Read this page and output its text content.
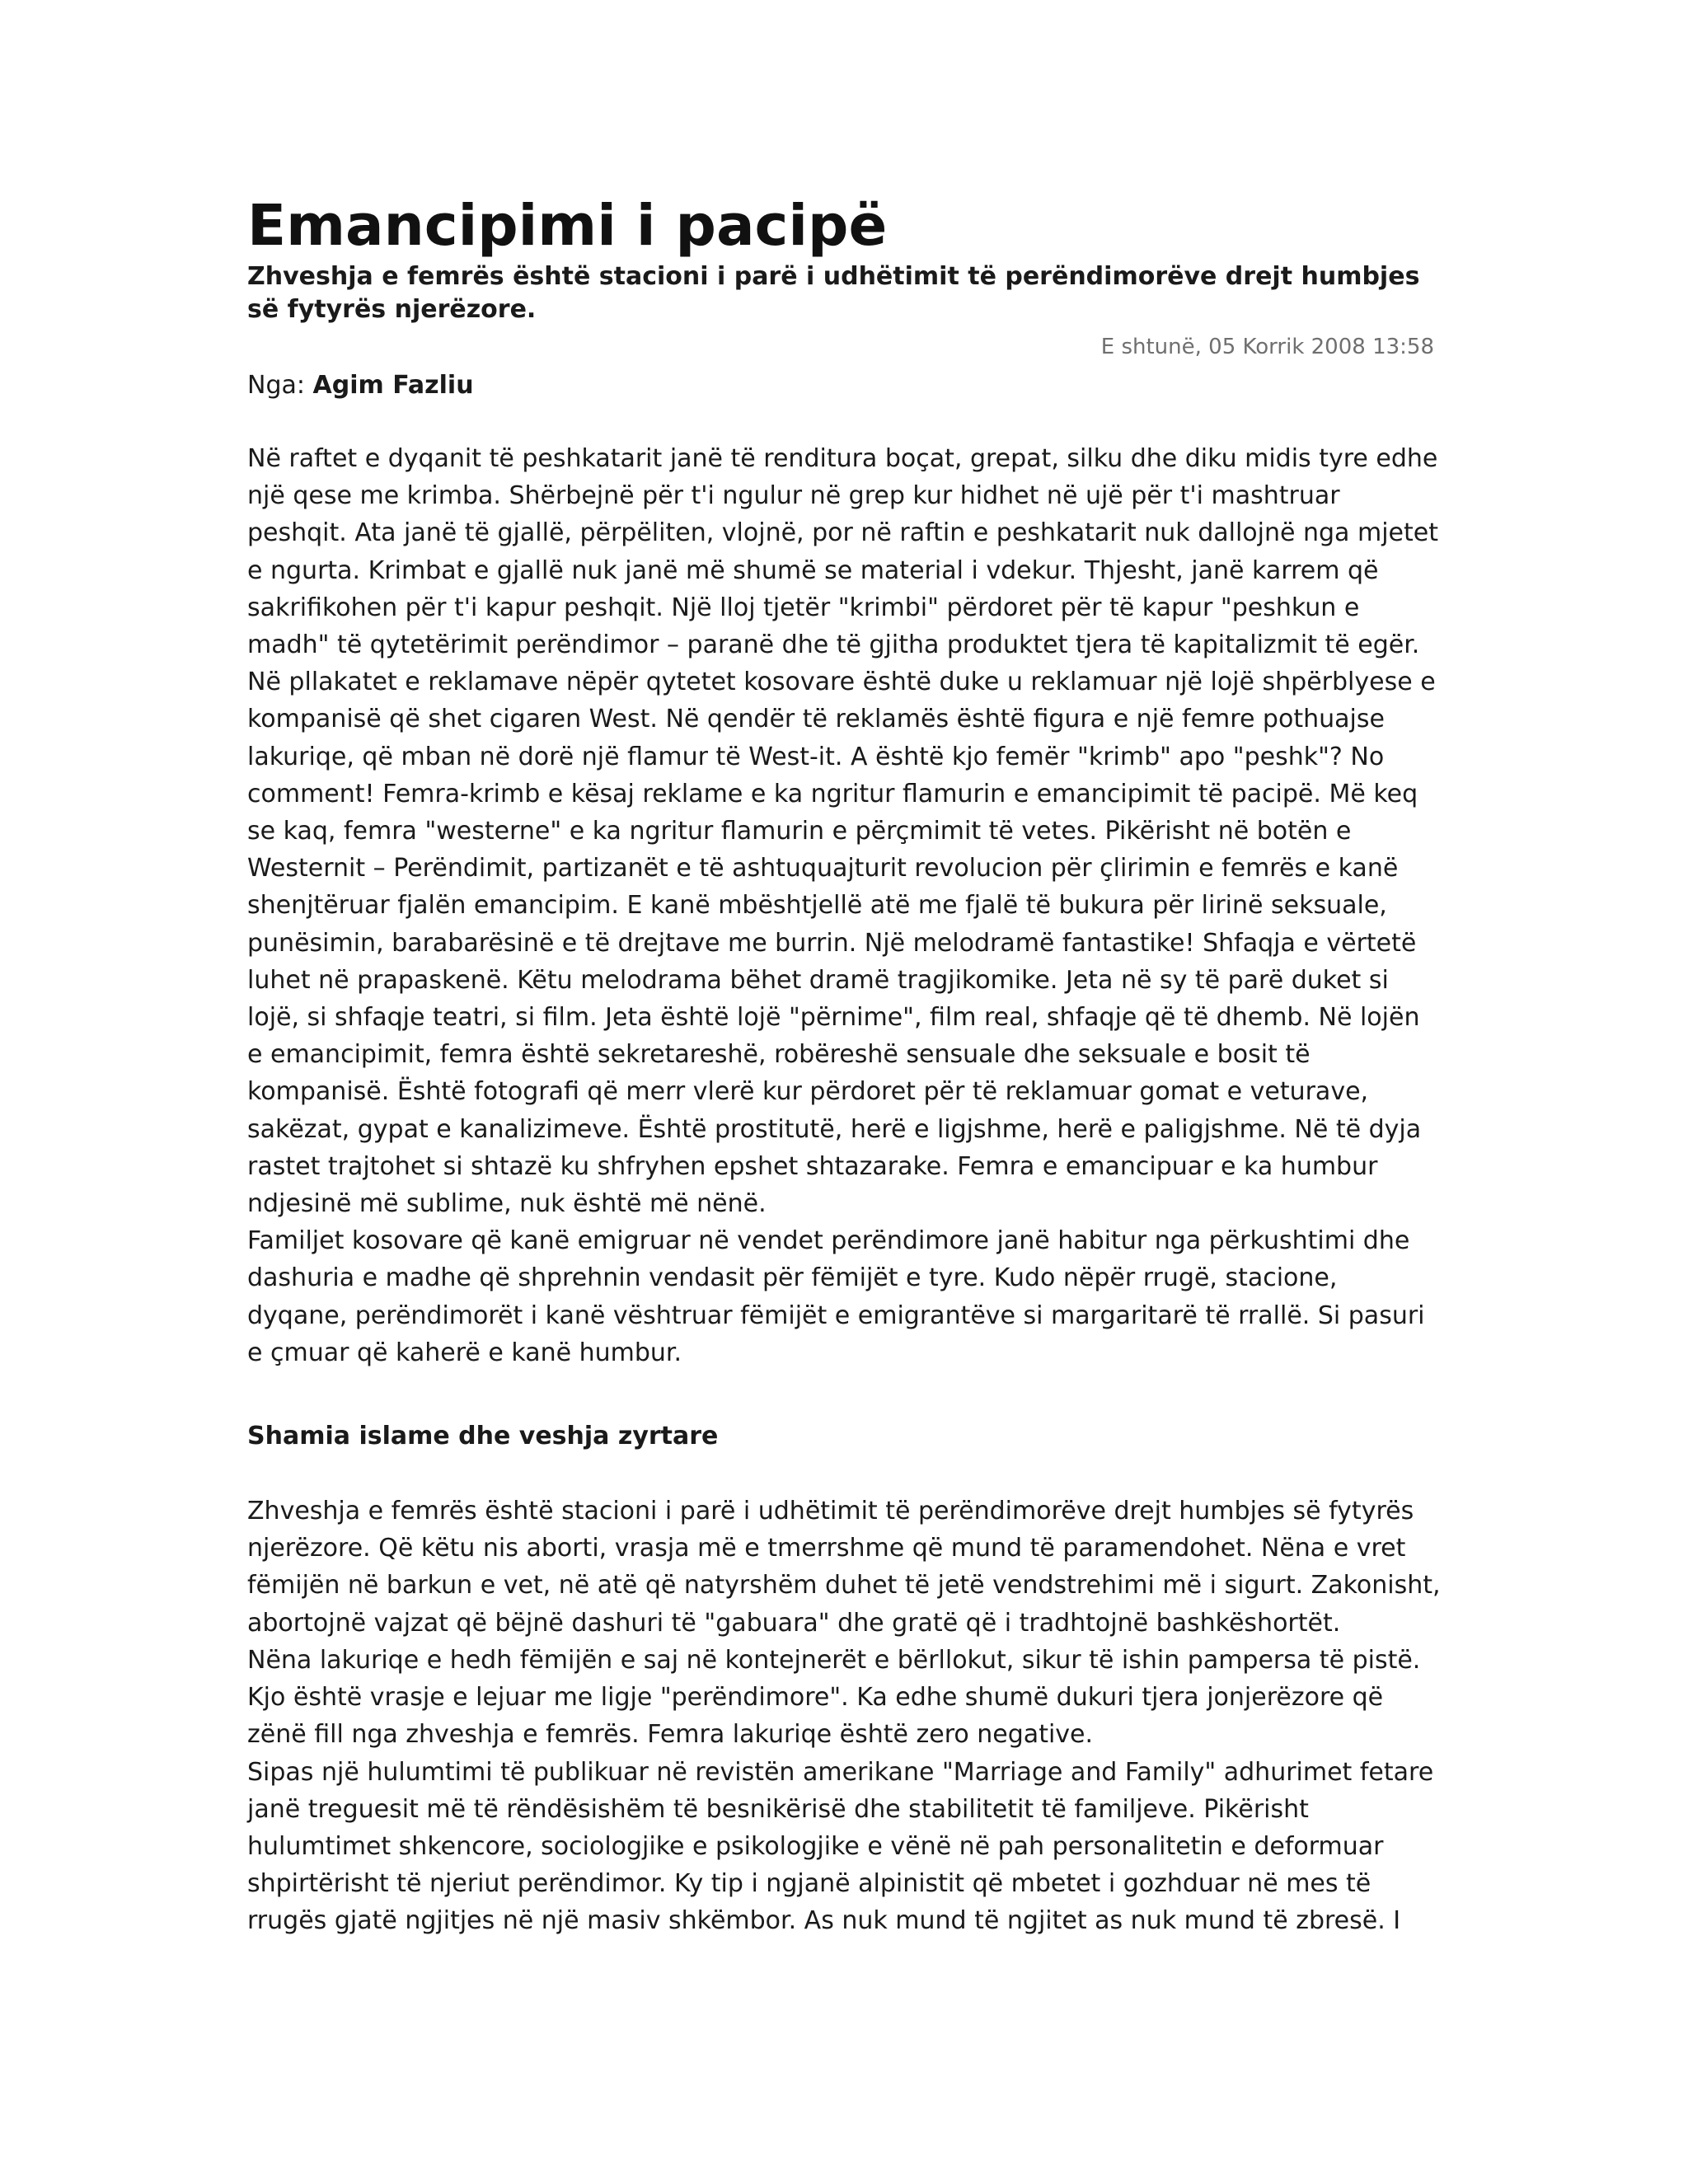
Emancipimi i pacipë

Zhveshja e femrës është stacioni i parë i udhëtimit të perëndimorëve drejt humbjes së fytyrës njerëzore.

E shtunë, 05 Korrik 2008 13:58
Nga: Agim Fazliu

Në raftet e dyqanit të peshkatarit janë të renditura boçat, grepat, silku dhe diku midis tyre edhe një qese me krimba. Shërbejnë për t'i ngulur në grep kur hidhet në ujë për t'i mashtruar peshqit. Ata janë të gjallë, përpëliten, vlojnë, por në raftin e peshkatarit nuk dallojnë nga mjetet e ngurta. Krimbat e gjallë nuk janë më shumë se material i vdekur. Thjesht, janë karrem që sakrifikohen për t'i kapur peshqit. Një lloj tjetër "krimbi" përdoret për të kapur "peshkun e madh" të qytetërimit perëndimor – paranë dhe të gjitha produktet tjera të kapitalizmit të egër. Në pllakatet e reklamave nëpër qytetet kosovare është duke u reklamuar një lojë shpërblyese e kompanisë që shet cigaren West. Në qendër të reklamës është figura e një femre pothuajse lakuriqe, që mban në dorë një flamur të West-it. A është kjo femër "krimb" apo "peshk"? No comment! Femra-krimb e kësaj reklame e ka ngritur flamurin e emancipimit të pacipë. Më keq se kaq, femra "westerne" e ka ngritur flamurin e përçmimit të vetes. Pikërisht në botën e Westernit – Perëndimit, partizanët e të ashtuquajturit revolucion për çlirimin e femrës e kanë shenjtëruar fjalën emancipim. E kanë mbështjellë atë me fjalë të bukura për lirinë seksuale, punësimin, barabarësinë e të drejtave me burrin. Një melodramë fantastike! Shfaqja e vërtetë luhet në prapaskenë. Këtu melodrama bëhet dramë tragjikomike. Jeta në sy të parë duket si lojë, si shfaqje teatri, si film. Jeta është lojë "përnime", film real, shfaqje që të dhemb. Në lojën e emancipimit, femra është sekretareshë, robëreshë sensuale dhe seksuale e bosit të kompanisë. Është fotografi që merr vlerë kur përdoret për të reklamuar gomat e veturave, sakëzat, gypat e kanalizimeve. Është prostitutë, herë e ligjshme, herë e paligjshme. Në të dyja rastet trajtohet si shtazë ku shfryhen epshet shtazarake. Femra e emancipuar e ka humbur ndjesinë më sublime, nuk është më nënë.

Familjet kosovare që kanë emigruar në vendet perëndimore janë habitur nga përkushtimi dhe dashuria e madhe që shprehnin vendasit për fëmijët e tyre. Kudo nëpër rrugë, stacione, dyqane, perëndimorët i kanë vështruar fëmijët e emigrantëve si margaritarë të rrallë. Si pasuri e çmuar që kaherë e kanë humbur.

Shamia islame dhe veshja zyrtare

Zhveshja e femrës është stacioni i parë i udhëtimit të perëndimorëve drejt humbjes së fytyrës njerëzore. Që këtu nis aborti, vrasja më e tmerrshme që mund të paramendohet. Nëna e vret fëmijën në barkun e vet, në atë që natyrshëm duhet të jetë vendstrehimi më i sigurt. Zakonisht, abortojnë vajzat që bëjnë dashuri të "gabuara" dhe gratë që i tradhtojnë bashkëshortët.

Nëna lakuriqe e hedh fëmijën e saj në kontejnerët e bërllokut, sikur të ishin pampersa të pistë. Kjo është vrasje e lejuar me ligje "perëndimore". Ka edhe shumë dukuri tjera jonjerëzore që zënë fill nga zhveshja e femrës. Femra lakuriqe është zero negative.

Sipas një hulumtimi të publikuar në revistën amerikane "Marriage and Family" adhurimet fetare janë treguesit më të rëndësishëm të besnikërisë dhe stabilitetit të familjeve. Pikërisht hulumtimet shkencore, sociologjike e psikologjike e vënë në pah personalitetin e deformuar shpirtërisht të njeriut perëndimor. Ky tip i ngjanë alpinistit që mbetet i gozhduar në mes të rrugës gjatë ngjitjes në një masiv shkëmbor. As nuk mund të ngjitet as nuk mund të zbresë. I
